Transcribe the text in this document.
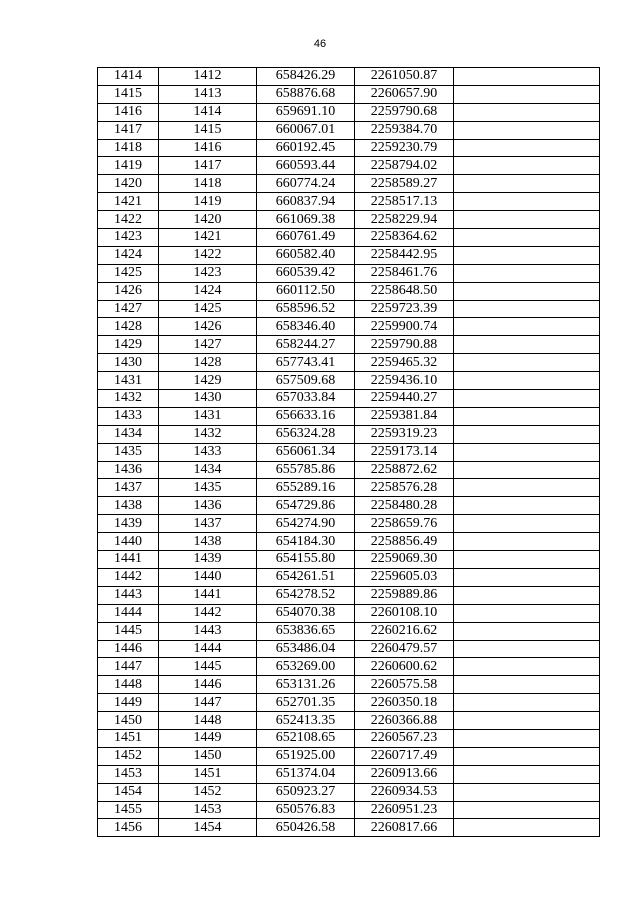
46
1414	1412	658426.29	2261050.87	
1415	1413	658876.68	2260657.90	
1416	1414	659691.10	2259790.68	
1417	1415	660067.01	2259384.70	
1418	1416	660192.45	2259230.79	
1419	1417	660593.44	2258794.02	
1420	1418	660774.24	2258589.27	
1421	1419	660837.94	2258517.13	
1422	1420	661069.38	2258229.94	
1423	1421	660761.49	2258364.62	
1424	1422	660582.40	2258442.95	
1425	1423	660539.42	2258461.76	
1426	1424	660112.50	2258648.50	
1427	1425	658596.52	2259723.39	
1428	1426	658346.40	2259900.74	
1429	1427	658244.27	2259790.88	
1430	1428	657743.41	2259465.32	
1431	1429	657509.68	2259436.10	
1432	1430	657033.84	2259440.27	
1433	1431	656633.16	2259381.84	
1434	1432	656324.28	2259319.23	
1435	1433	656061.34	2259173.14	
1436	1434	655785.86	2258872.62	
1437	1435	655289.16	2258576.28	
1438	1436	654729.86	2258480.28	
1439	1437	654274.90	2258659.76	
1440	1438	654184.30	2258856.49	
1441	1439	654155.80	2259069.30	
1442	1440	654261.51	2259605.03	
1443	1441	654278.52	2259889.86	
1444	1442	654070.38	2260108.10	
1445	1443	653836.65	2260216.62	
1446	1444	653486.04	2260479.57	
1447	1445	653269.00	2260600.62	
1448	1446	653131.26	2260575.58	
1449	1447	652701.35	2260350.18	
1450	1448	652413.35	2260366.88	
1451	1449	652108.65	2260567.23	
1452	1450	651925.00	2260717.49	
1453	1451	651374.04	2260913.66	
1454	1452	650923.27	2260934.53	
1455	1453	650576.83	2260951.23	
1456	1454	650426.58	2260817.66	
